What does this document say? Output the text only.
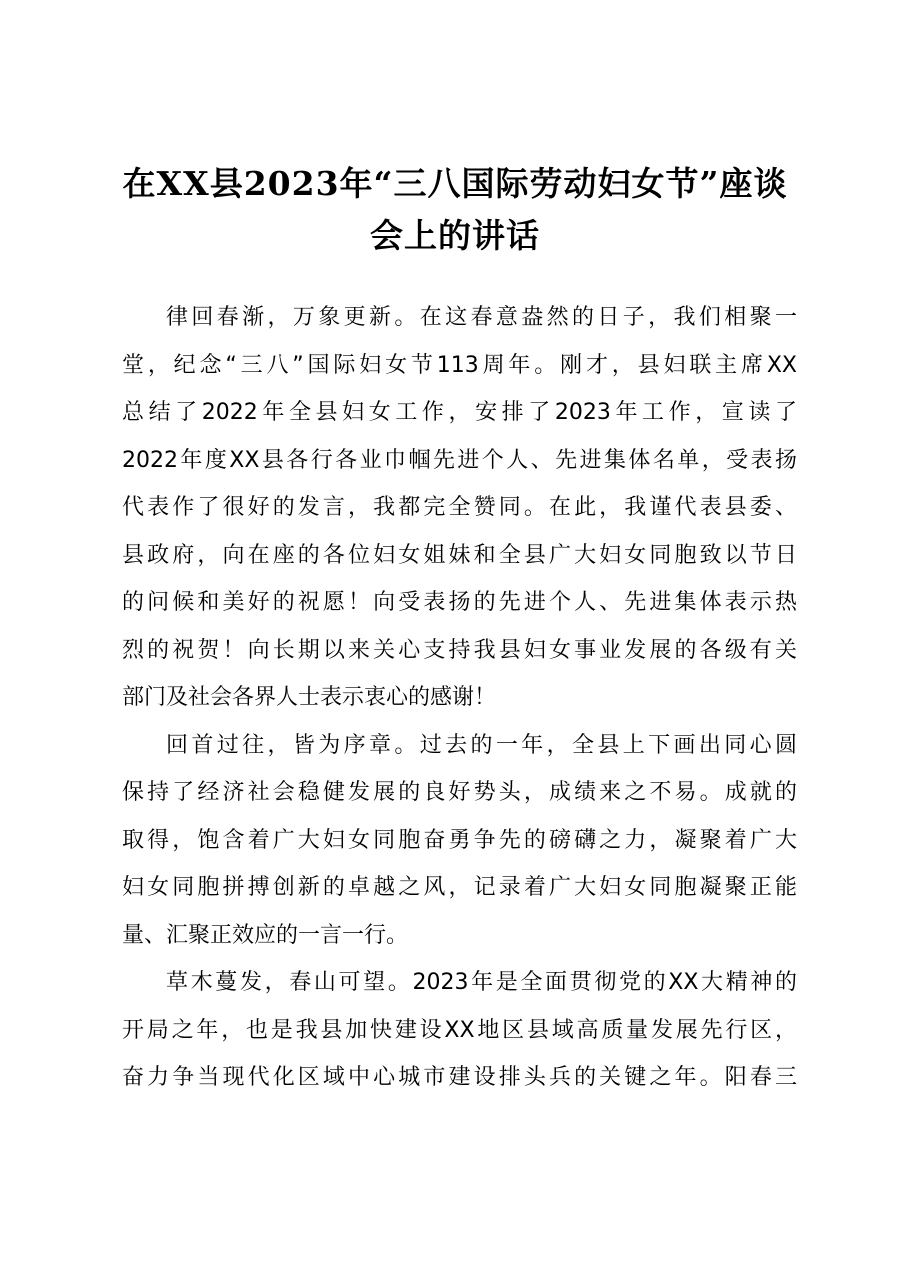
在XX县2023年“三八国际劳动妇女节”座谈
会上的讲话
律回春渐，万象更新。在这春意盎然的日子，我们相聚一
堂，纪念“三八”国际妇女节113周年。刚才，县妇联主席XX
总结了2022年全县妇女工作，安排了2023年工作，宣读了
2022年度XX县各行各业巾帼先进个人、先进集体名单，受表扬
代表作了很好的发言，我都完全赞同。在此，我谨代表县委、
县政府，向在座的各位妇女姐妹和全县广大妇女同胞致以节日
的问候和美好的祝愿！向受表扬的先进个人、先进集体表示热
烈的祝贺！向长期以来关心支持我县妇女事业发展的各级有关
部门及社会各界人士表示衷心的感谢！
回首过往，皆为序章。过去的一年，全县上下画出同心圆
保持了经济社会稳健发展的良好势头，成绩来之不易。成就的
取得，饱含着广大妇女同胞奋勇争先的磅礴之力，凝聚着广大
妇女同胞拼搏创新的卓越之风，记录着广大妇女同胞凝聚正能
量、汇聚正效应的一言一行。
草木蔓发，春山可望。2023年是全面贯彻党的XX大精神的
开局之年，也是我县加快建设XX地区县域高质量发展先行区，
奋力争当现代化区域中心城市建设排头兵的关键之年。阳春三
